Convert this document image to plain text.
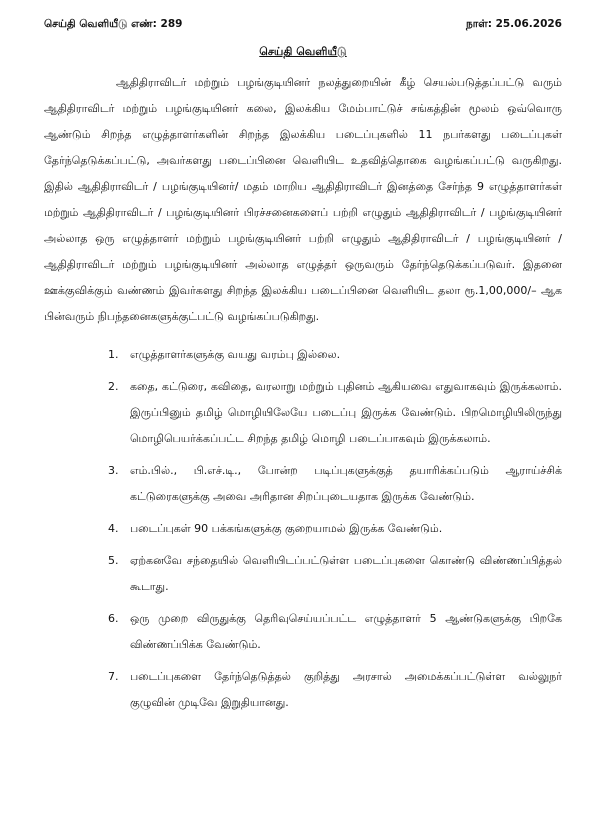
செய்தி வெளியீடு எண்: 289	நாள்: 25.06.2026
செய்தி வெளியீடு

ஆதிதிராவிடர் மற்றும் பழங்குடியினர் நலத்துறையின் கீழ் செயல்படுத்தப்பட்டு வரும் ஆதிதிராவிடர் மற்றும் பழங்குடியினர் கலை, இலக்கிய மேம்பாட்டுச் சங்கத்தின் மூலம் ஒவ்வொரு ஆண்டும் சிறந்த எழுத்தாளர்களின் சிறந்த இலக்கிய படைப்புகளில் 11 நபர்களது படைப்புகள் தேர்ந்தெடுக்கப்பட்டு, அவர்களது படைப்பினை வெளியிட உதவித்தொகை வழங்கப்பட்டு வருகிறது. இதில் ஆதிதிராவிடர் / பழங்குடியினர்/ மதம் மாறிய ஆதிதிராவிடர் இனத்தை சேர்ந்த 9 எழுத்தாளர்கள் மற்றும் ஆதிதிராவிடர் / பழங்குடியினர் பிரச்சனைகளைப் பற்றி எழுதும் ஆதிதிராவிடர் / பழங்குடியினர் அல்லாத ஒரு எழுத்தாளர் மற்றும் பழங்குடியினர் பற்றி எழுதும் ஆதிதிராவிடர் / பழங்குடியினர் / ஆதிதிராவிடர் மற்றும் பழங்குடியினர் அல்லாத எழுத்தர் ஒருவரும் தேர்ந்தெடுக்கப்படுவர். இதனை ஊக்குவிக்கும் வண்ணம் இவர்களது சிறந்த இலக்கிய படைப்பினை வெளியிட தலா ரூ.1,00,000/– ஆக பின்வரும் நிபந்தனைகளுக்குட்பட்டு வழங்கப்படுகிறது.

1.	எழுத்தாளர்களுக்கு வயது வரம்பு இல்லை.
2.	கதை, கட்டுரை, கவிதை, வரலாறு மற்றும் புதினம் ஆகியவை எதுவாகவும் இருக்கலாம். இருப்பினும் தமிழ் மொழியிலேயே படைப்பு இருக்க வேண்டும். பிறமொழியிலிருந்து மொழிபெயர்க்கப்பட்ட சிறந்த தமிழ் மொழி படைப்பாகவும் இருக்கலாம்.
3.	எம்.பில்., பி.எச்.டி., போன்ற படிப்புகளுக்குத் தயாரிக்கப்படும் ஆராய்ச்சிக் கட்டுரைகளுக்கு அவை அரிதான சிறப்புடையதாக இருக்க வேண்டும்.
4.	படைப்புகள் 90 பக்கங்களுக்கு குறையாமல் இருக்க வேண்டும்.
5.	ஏற்கனவே சந்தையில் வெளியிடப்பட்டுள்ள படைப்புகளை கொண்டு விண்ணப்பித்தல் கூடாது.
6.	ஒரு முறை விருதுக்கு தெரிவுசெய்யப்பட்ட எழுத்தாளர் 5 ஆண்டுகளுக்கு பிறகே விண்ணப்பிக்க வேண்டும்.
7.	படைப்புகளை தேர்ந்தெடுத்தல் குறித்து அரசால் அமைக்கப்பட்டுள்ள வல்லுநர் குழுவின் முடிவே இறுதியானது.
